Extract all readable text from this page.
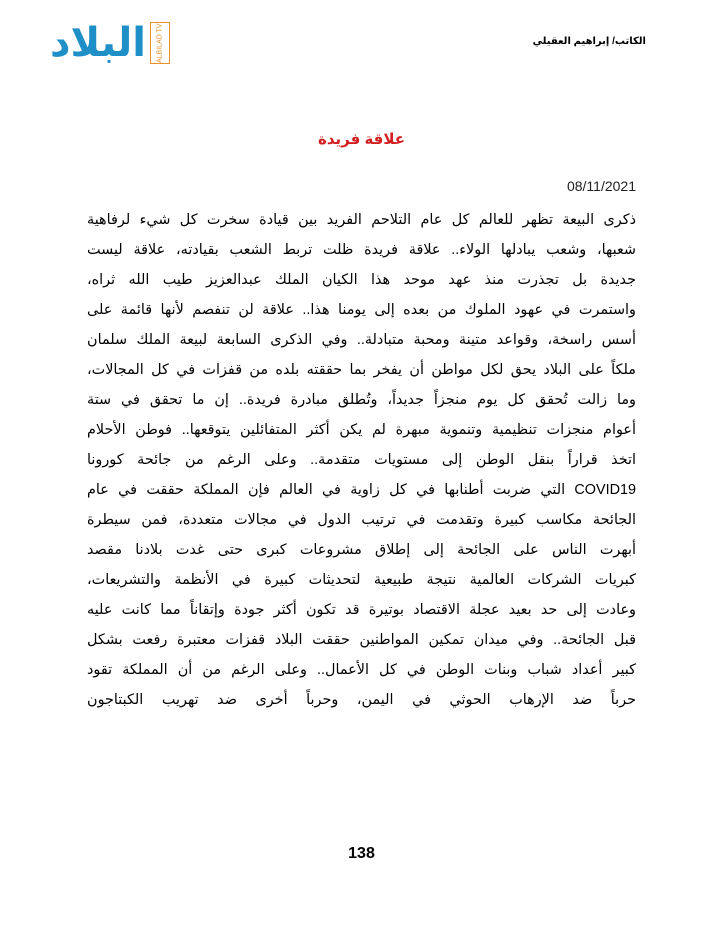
البلاد	ALBILAD TV	الكاتب/ إبراهيم العقيلي
علاقة فريدة
08/11/2021
ذكرى البيعة تظهر للعالم كل عام التلاحم الفريد بين قيادة سخرت كل شيء لرفاهية
شعبها، وشعب يبادلها الولاء.. علاقة فريدة ظلت تربط الشعب بقيادته، علاقة ليست
جديدة بل تجذرت منذ عهد موحد هذا الكيان الملك عبدالعزيز طيب الله ثراه،
واستمرت في عهود الملوك من بعده إلى يومنا هذا.. علاقة لن تنفصم لأنها قائمة على
أسس راسخة، وقواعد متينة ومحبة متبادلة.. وفي الذكرى السابعة لبيعة الملك سلمان
ملكاً على البلاد يحق لكل مواطن أن يفخر بما حققته بلده من قفزات في كل المجالات،
وما زالت تُحقق كل يوم منجزاً جديداً، وتُطلق مبادرة فريدة.. إن ما تحقق في ستة
أعوام منجزات تنظيمية وتنموية مبهرة لم يكن أكثر المتفائلين يتوقعها.. فوطن الأحلام
اتخذ قراراً بنقل الوطن إلى مستويات متقدمة.. وعلى الرغم من جائحة كورونا
COVID19 التي ضربت أطنابها في كل زاوية في العالم فإن المملكة حققت في عام
الجائحة مكاسب كبيرة وتقدمت في ترتيب الدول في مجالات متعددة، فمن سيطرة
أبهرت الناس على الجائحة إلى إطلاق مشروعات كبرى حتى غدت بلادنا مقصد
كبريات الشركات العالمية نتيجة طبيعية لتحديثات كبيرة في الأنظمة والتشريعات،
وعادت إلى حد بعيد عجلة الاقتصاد بوتيرة قد تكون أكثر جودة وإتقاناً مما كانت عليه
قبل الجائحة.. وفي ميدان تمكين المواطنين حققت البلاد قفزات معتبرة رفعت بشكل
كبير أعداد شباب وبنات الوطن في كل الأعمال.. وعلى الرغم من أن المملكة تقود
حرباً ضد الإرهاب الحوثي في اليمن، وحرباً أخرى ضد تهريب الكبتاجون
138
